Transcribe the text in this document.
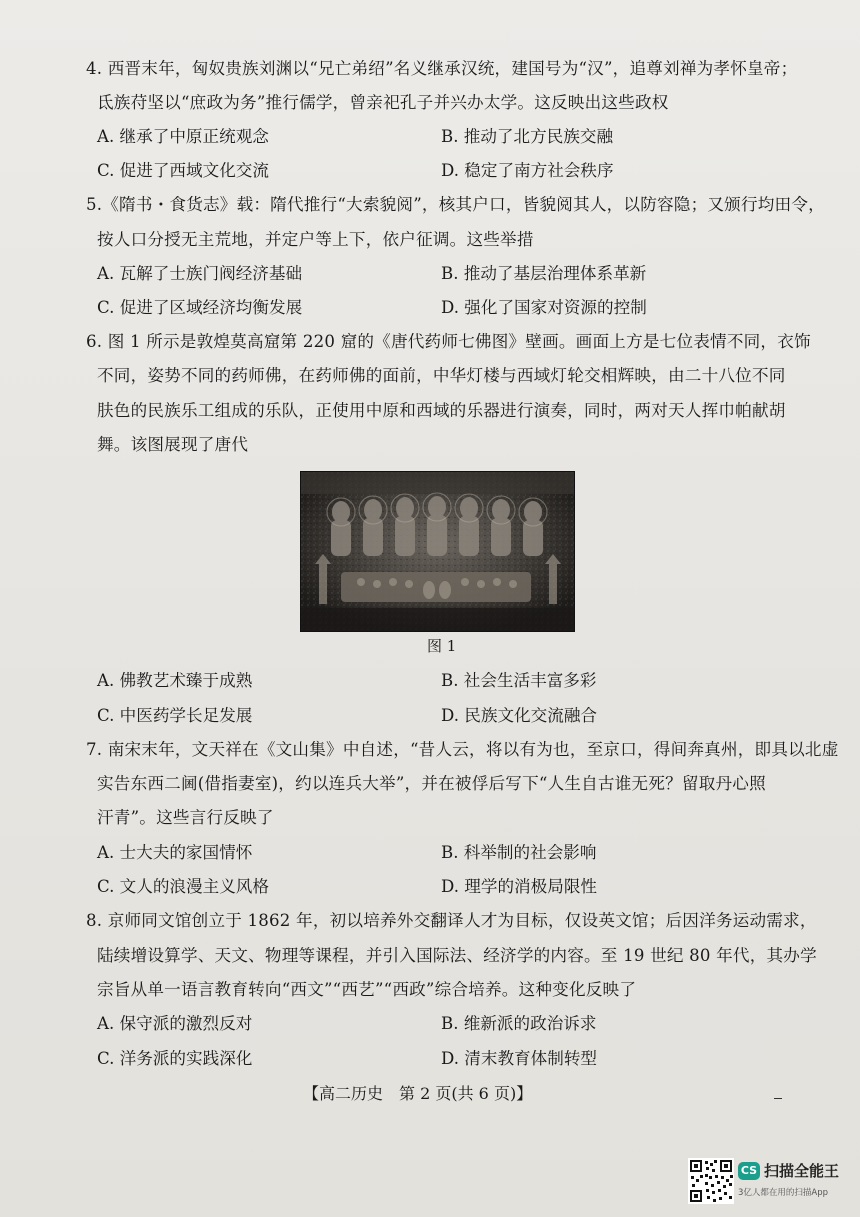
4. 西晋末年，匈奴贵族刘渊以“兄亡弟绍”名义继承汉统，建国号为“汉”，追尊刘禅为孝怀皇帝；
氐族苻坚以“庶政为务”推行儒学，曾亲祀孔子并兴办太学。这反映出这些政权
A. 继承了中原正统观念	B. 推动了北方民族交融
C. 促进了西域文化交流	D. 稳定了南方社会秩序
5.《隋书・食货志》载：隋代推行“大索貌阅”，核其户口，皆貌阅其人，以防容隐；又颁行均田令，
按人口分授无主荒地，并定户等上下，依户征调。这些举措
A. 瓦解了士族门阀经济基础	B. 推动了基层治理体系革新
C. 促进了区域经济均衡发展	D. 强化了国家对资源的控制
6. 图 1 所示是敦煌莫高窟第 220 窟的《唐代药师七佛图》壁画。画面上方是七位表情不同，衣饰
不同，姿势不同的药师佛，在药师佛的面前，中华灯楼与西域灯轮交相辉映，由二十八位不同
肤色的民族乐工组成的乐队，正使用中原和西域的乐器进行演奏，同时，两对天人挥巾帕献胡
舞。该图展现了唐代
图 1
A. 佛教艺术臻于成熟	B. 社会生活丰富多彩
C. 中医药学长足发展	D. 民族文化交流融合
7. 南宋末年，文天祥在《文山集》中自述，“昔人云，将以有为也，至京口，得间奔真州，即具以北虚
实告东西二阃(借指妻室)，约以连兵大举”，并在被俘后写下“人生自古谁无死？留取丹心照
汗青”。这些言行反映了
A. 士大夫的家国情怀	B. 科举制的社会影响
C. 文人的浪漫主义风格	D. 理学的消极局限性
8. 京师同文馆创立于 1862 年，初以培养外交翻译人才为目标，仅设英文馆；后因洋务运动需求，
陆续增设算学、天文、物理等课程，并引入国际法、经济学的内容。至 19 世纪 80 年代，其办学
宗旨从单一语言教育转向“西文”“西艺”“西政”综合培养。这种变化反映了
A. 保守派的激烈反对	B. 维新派的政治诉求
C. 洋务派的实践深化	D. 清末教育体制转型
【高二历史　第 2 页(共 6 页)】
CS 扫描全能王
3亿人都在用的扫描App
